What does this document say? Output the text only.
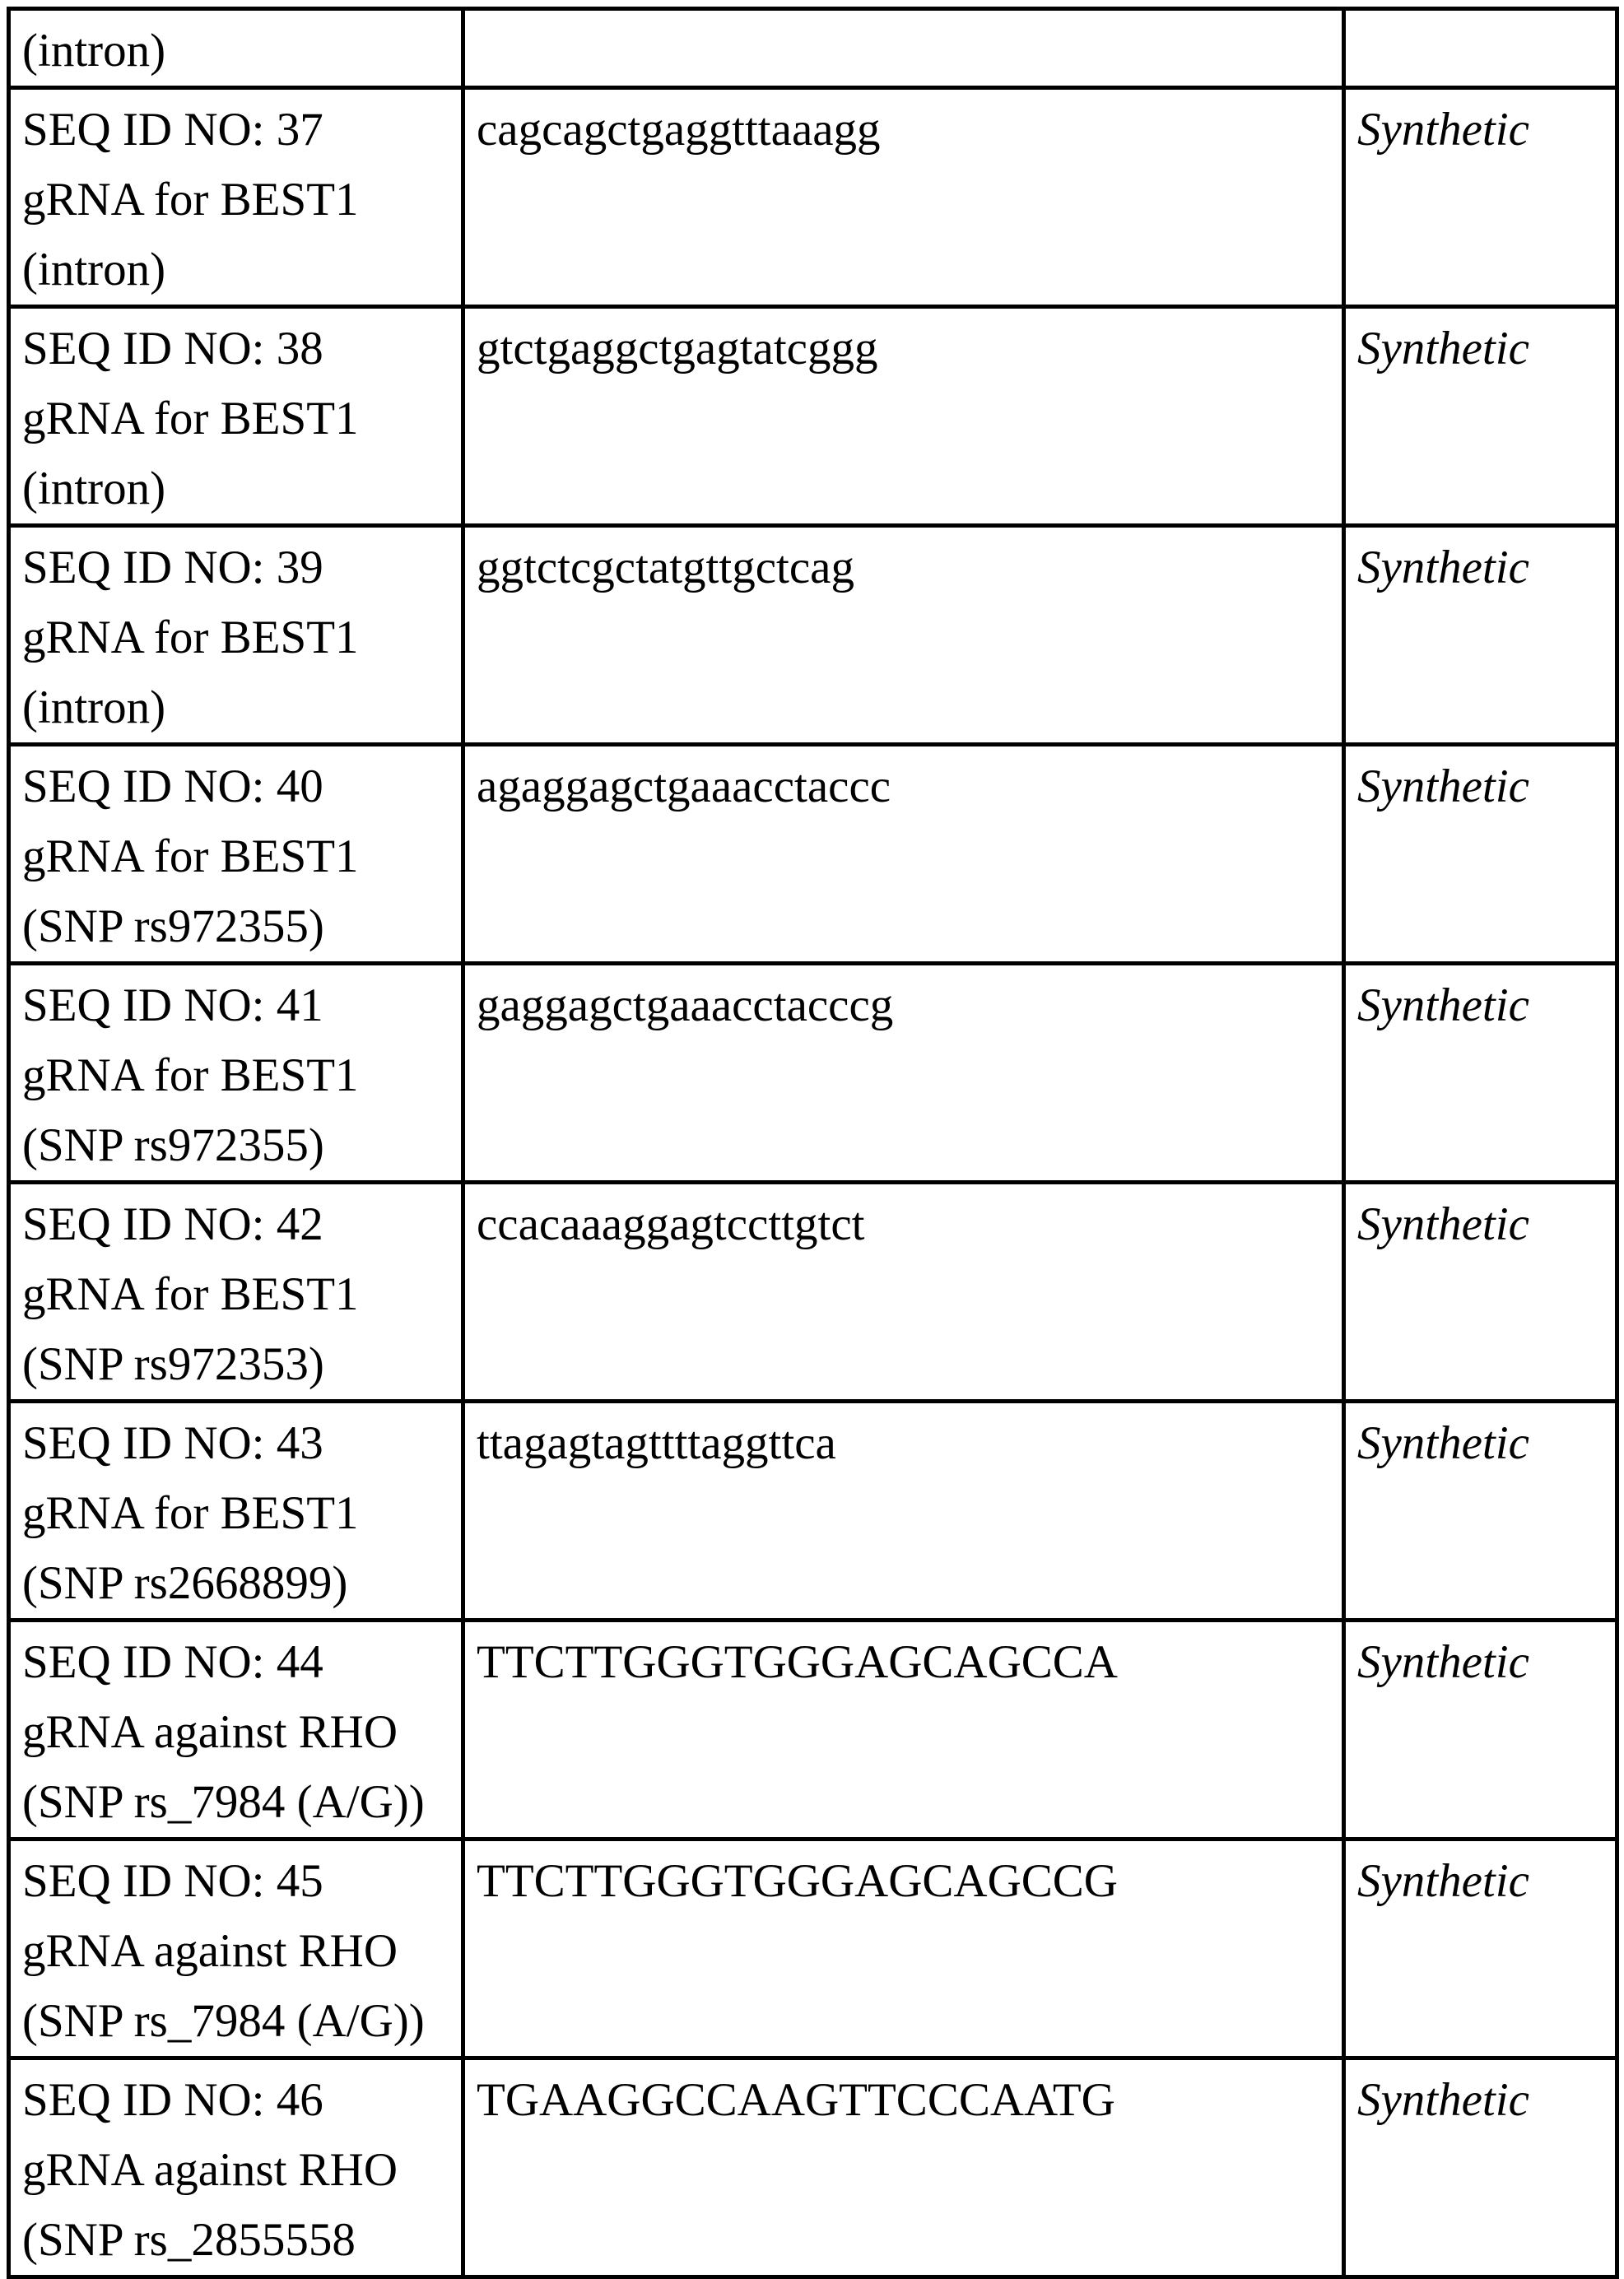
(intron)		

SEQ ID NO: 37
gRNA for BEST1
(intron)	cagcagctgaggtttaaagg	Synthetic

SEQ ID NO: 38
gRNA for BEST1
(intron)	gtctgaggctgagtatcggg	Synthetic

SEQ ID NO: 39
gRNA for BEST1
(intron)	ggtctcgctatgttgctcag	Synthetic

SEQ ID NO: 40
gRNA for BEST1
(SNP rs972355)	agaggagctgaaacctaccc	Synthetic

SEQ ID NO: 41
gRNA for BEST1
(SNP rs972355)	gaggagctgaaacctacccg	Synthetic

SEQ ID NO: 42
gRNA for BEST1
(SNP rs972353)	ccacaaaggagtccttgtct	Synthetic

SEQ ID NO: 43
gRNA for BEST1
(SNP rs2668899)	ttagagtagttttaggttca	Synthetic

SEQ ID NO: 44
gRNA against RHO
(SNP rs_7984 (A/G))	TTCTTGGGTGGGAGCAGCCA	Synthetic

SEQ ID NO: 45
gRNA against RHO
(SNP rs_7984 (A/G))	TTCTTGGGTGGGAGCAGCCG	Synthetic

SEQ ID NO: 46
gRNA against RHO
(SNP rs_2855558	TGAAGGCCAAGTTCCCAATG	Synthetic
